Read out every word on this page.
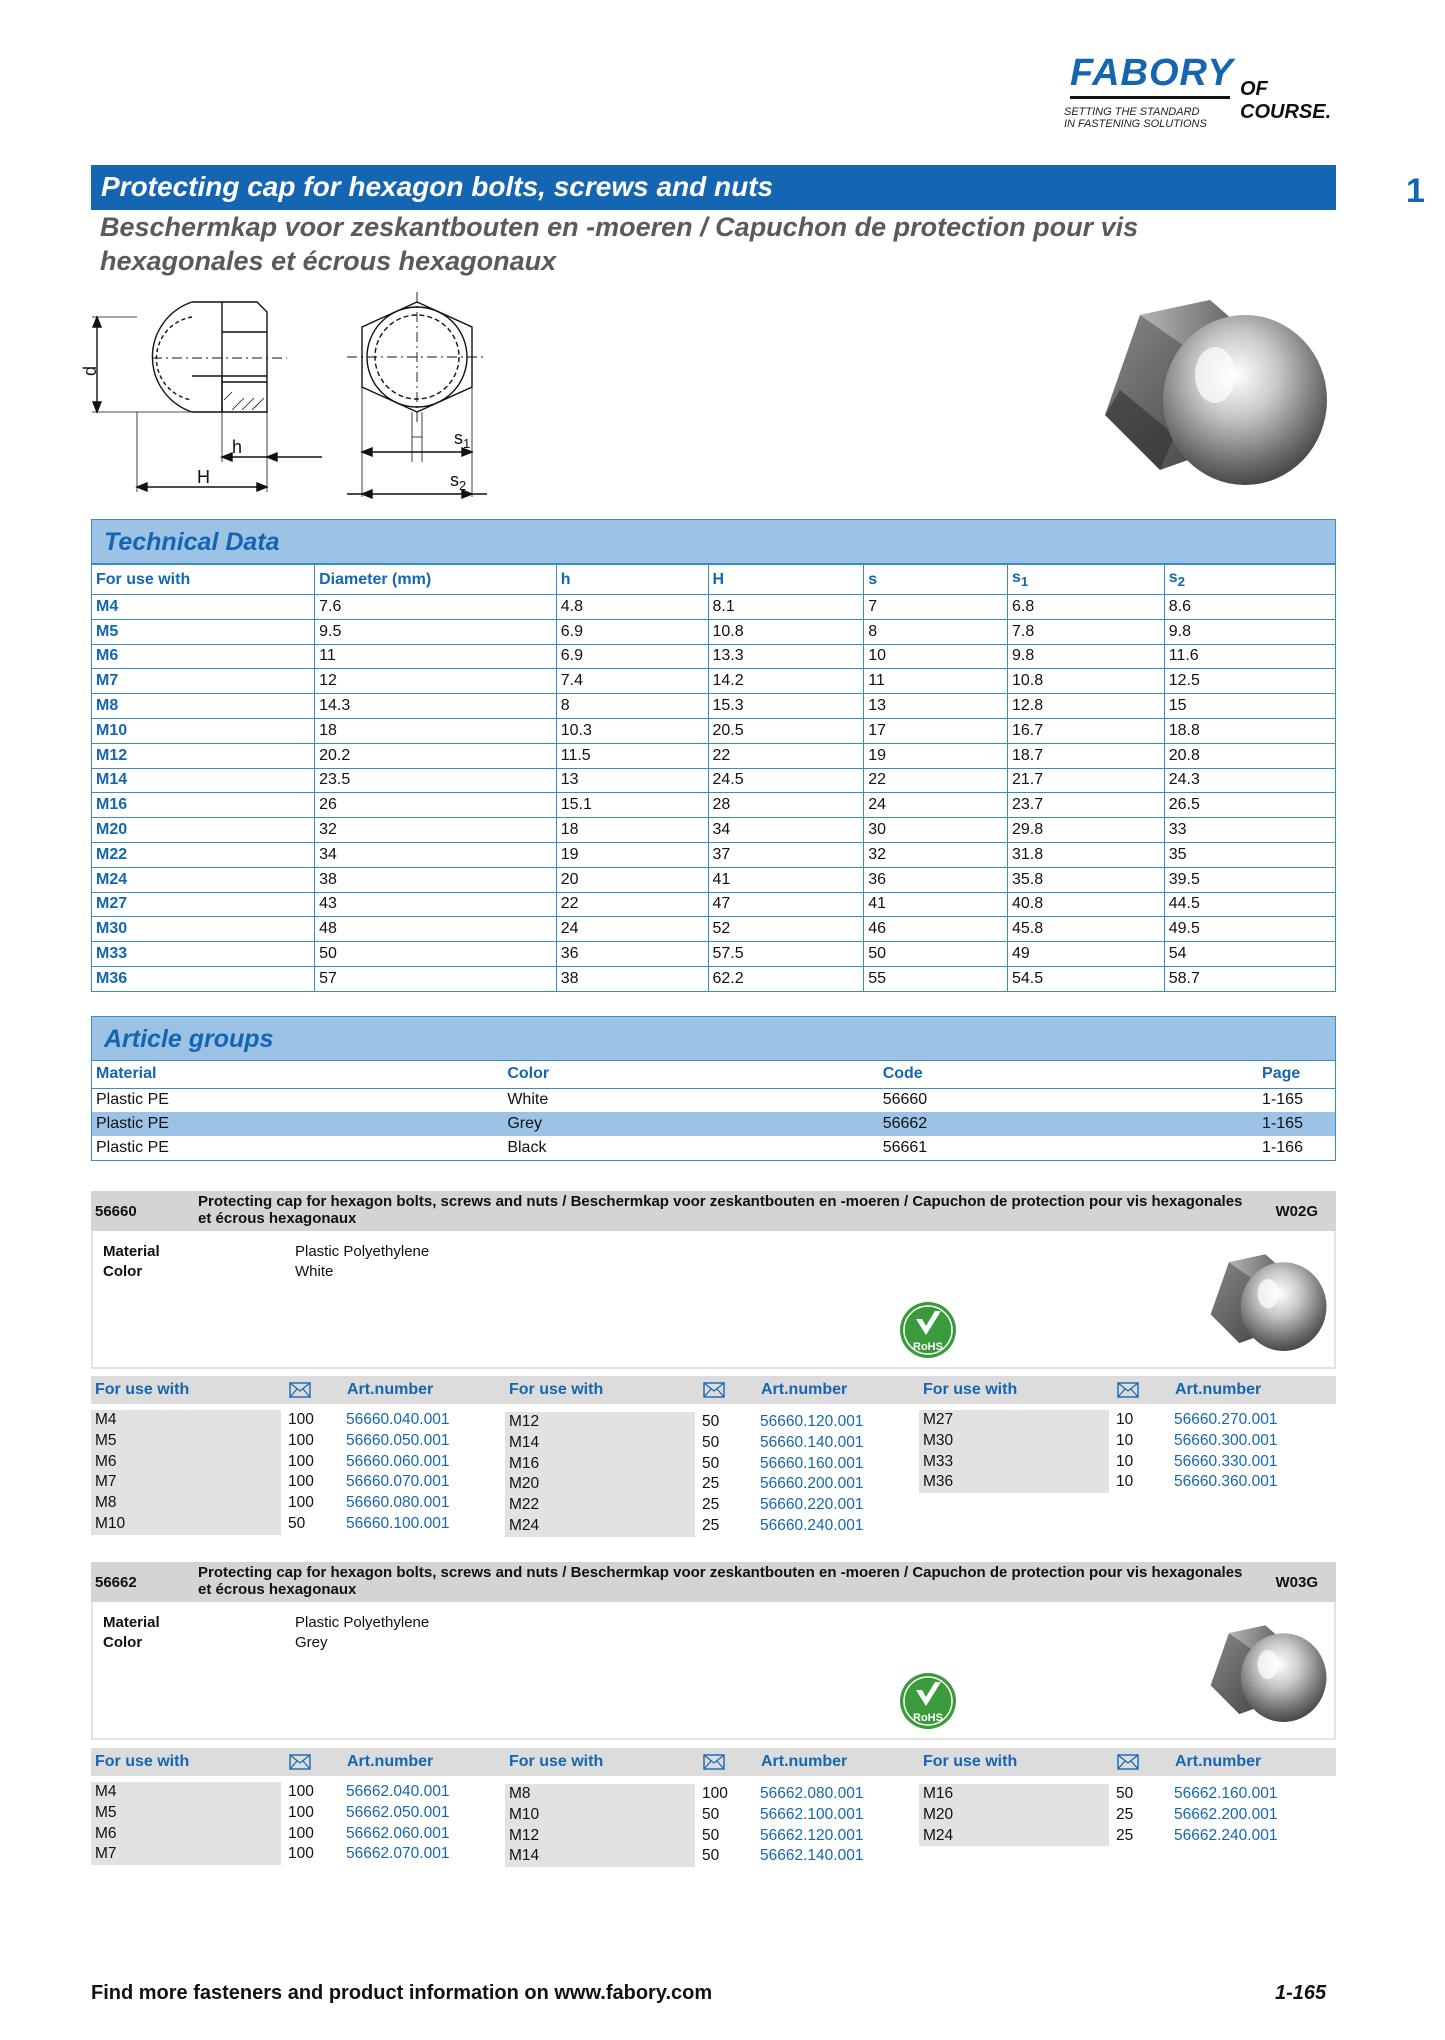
FABORY OF COURSE.
SETTING THE STANDARD
IN FASTENING SOLUTIONS
1
Protecting cap for hexagon bolts, screws and nuts
Beschermkap voor zeskantbouten en -moeren / Capuchon de protection pour vis hexagonales et écrous hexagonaux
d
h
H
$s_1$
$s_2$
Technical Data
For use with	Diameter (mm)	h	H	s	$s_1$	$s_2$
M4	7.6	4.8	8.1	7	6.8	8.6
M5	9.5	6.9	10.8	8	7.8	9.8
M6	11	6.9	13.3	10	9.8	11.6
M7	12	7.4	14.2	11	10.8	12.5
M8	14.3	8	15.3	13	12.8	15
M10	18	10.3	20.5	17	16.7	18.8
M12	20.2	11.5	22	19	18.7	20.8
M14	23.5	13	24.5	22	21.7	24.3
M16	26	15.1	28	24	23.7	26.5
M20	32	18	34	30	29.8	33
M22	34	19	37	32	31.8	35
M24	38	20	41	36	35.8	39.5
M27	43	22	47	41	40.8	44.5
M30	48	24	52	46	45.8	49.5
M33	50	36	57.5	50	49	54
M36	57	38	62.2	55	54.5	58.7
Article groups
Material	Color	Code	Page
Plastic PE	White	56660	1-165
Plastic PE	Grey	56662	1-165
Plastic PE	Black	56661	1-166
56660
Protecting cap for hexagon bolts, screws and nuts / Beschermkap voor zeskantbouten en -moeren / Capuchon de protection pour vis hexagonales et écrous hexagonaux	W02G
Material	Plastic Polyethylene
Color	White
RoHS
For use with	Art.number	For use with	Art.number	For use with	Art.number
M4	100 56660.040.001
M5	100 56660.050.001
M6	100 56660.060.001
M7	100 56660.070.001
M8	100 56660.080.001
M10	50	56660.100.001
M12	50	56660.120.001
M14	50	56660.140.001
M16	50	56660.160.001
M20	25	56660.200.001
M22	25	56660.220.001
M24	25	56660.240.001
M27	10	56660.270.001
M30	10	56660.300.001
M33	10	56660.330.001
M36	10	56660.360.001
56662
Protecting cap for hexagon bolts, screws and nuts / Beschermkap voor zeskantbouten en -moeren / Capuchon de protection pour vis hexagonales et écrous hexagonaux	W03G
Material	Plastic Polyethylene
Color	Grey
RoHS
For use with	Art.number	For use with	Art.number	For use with	Art.number
M4	100 56662.040.001
M5	100 56662.050.001
M6	100 56662.060.001
M7	100 56662.070.001
M8	100 56662.080.001
M10	50	56662.100.001
M12	50	56662.120.001
M14	50	56662.140.001
M16	50	56662.160.001
M20	25	56662.200.001
M24	25	56662.240.001
Find more fasteners and product information on www.fabory.com	1-165
